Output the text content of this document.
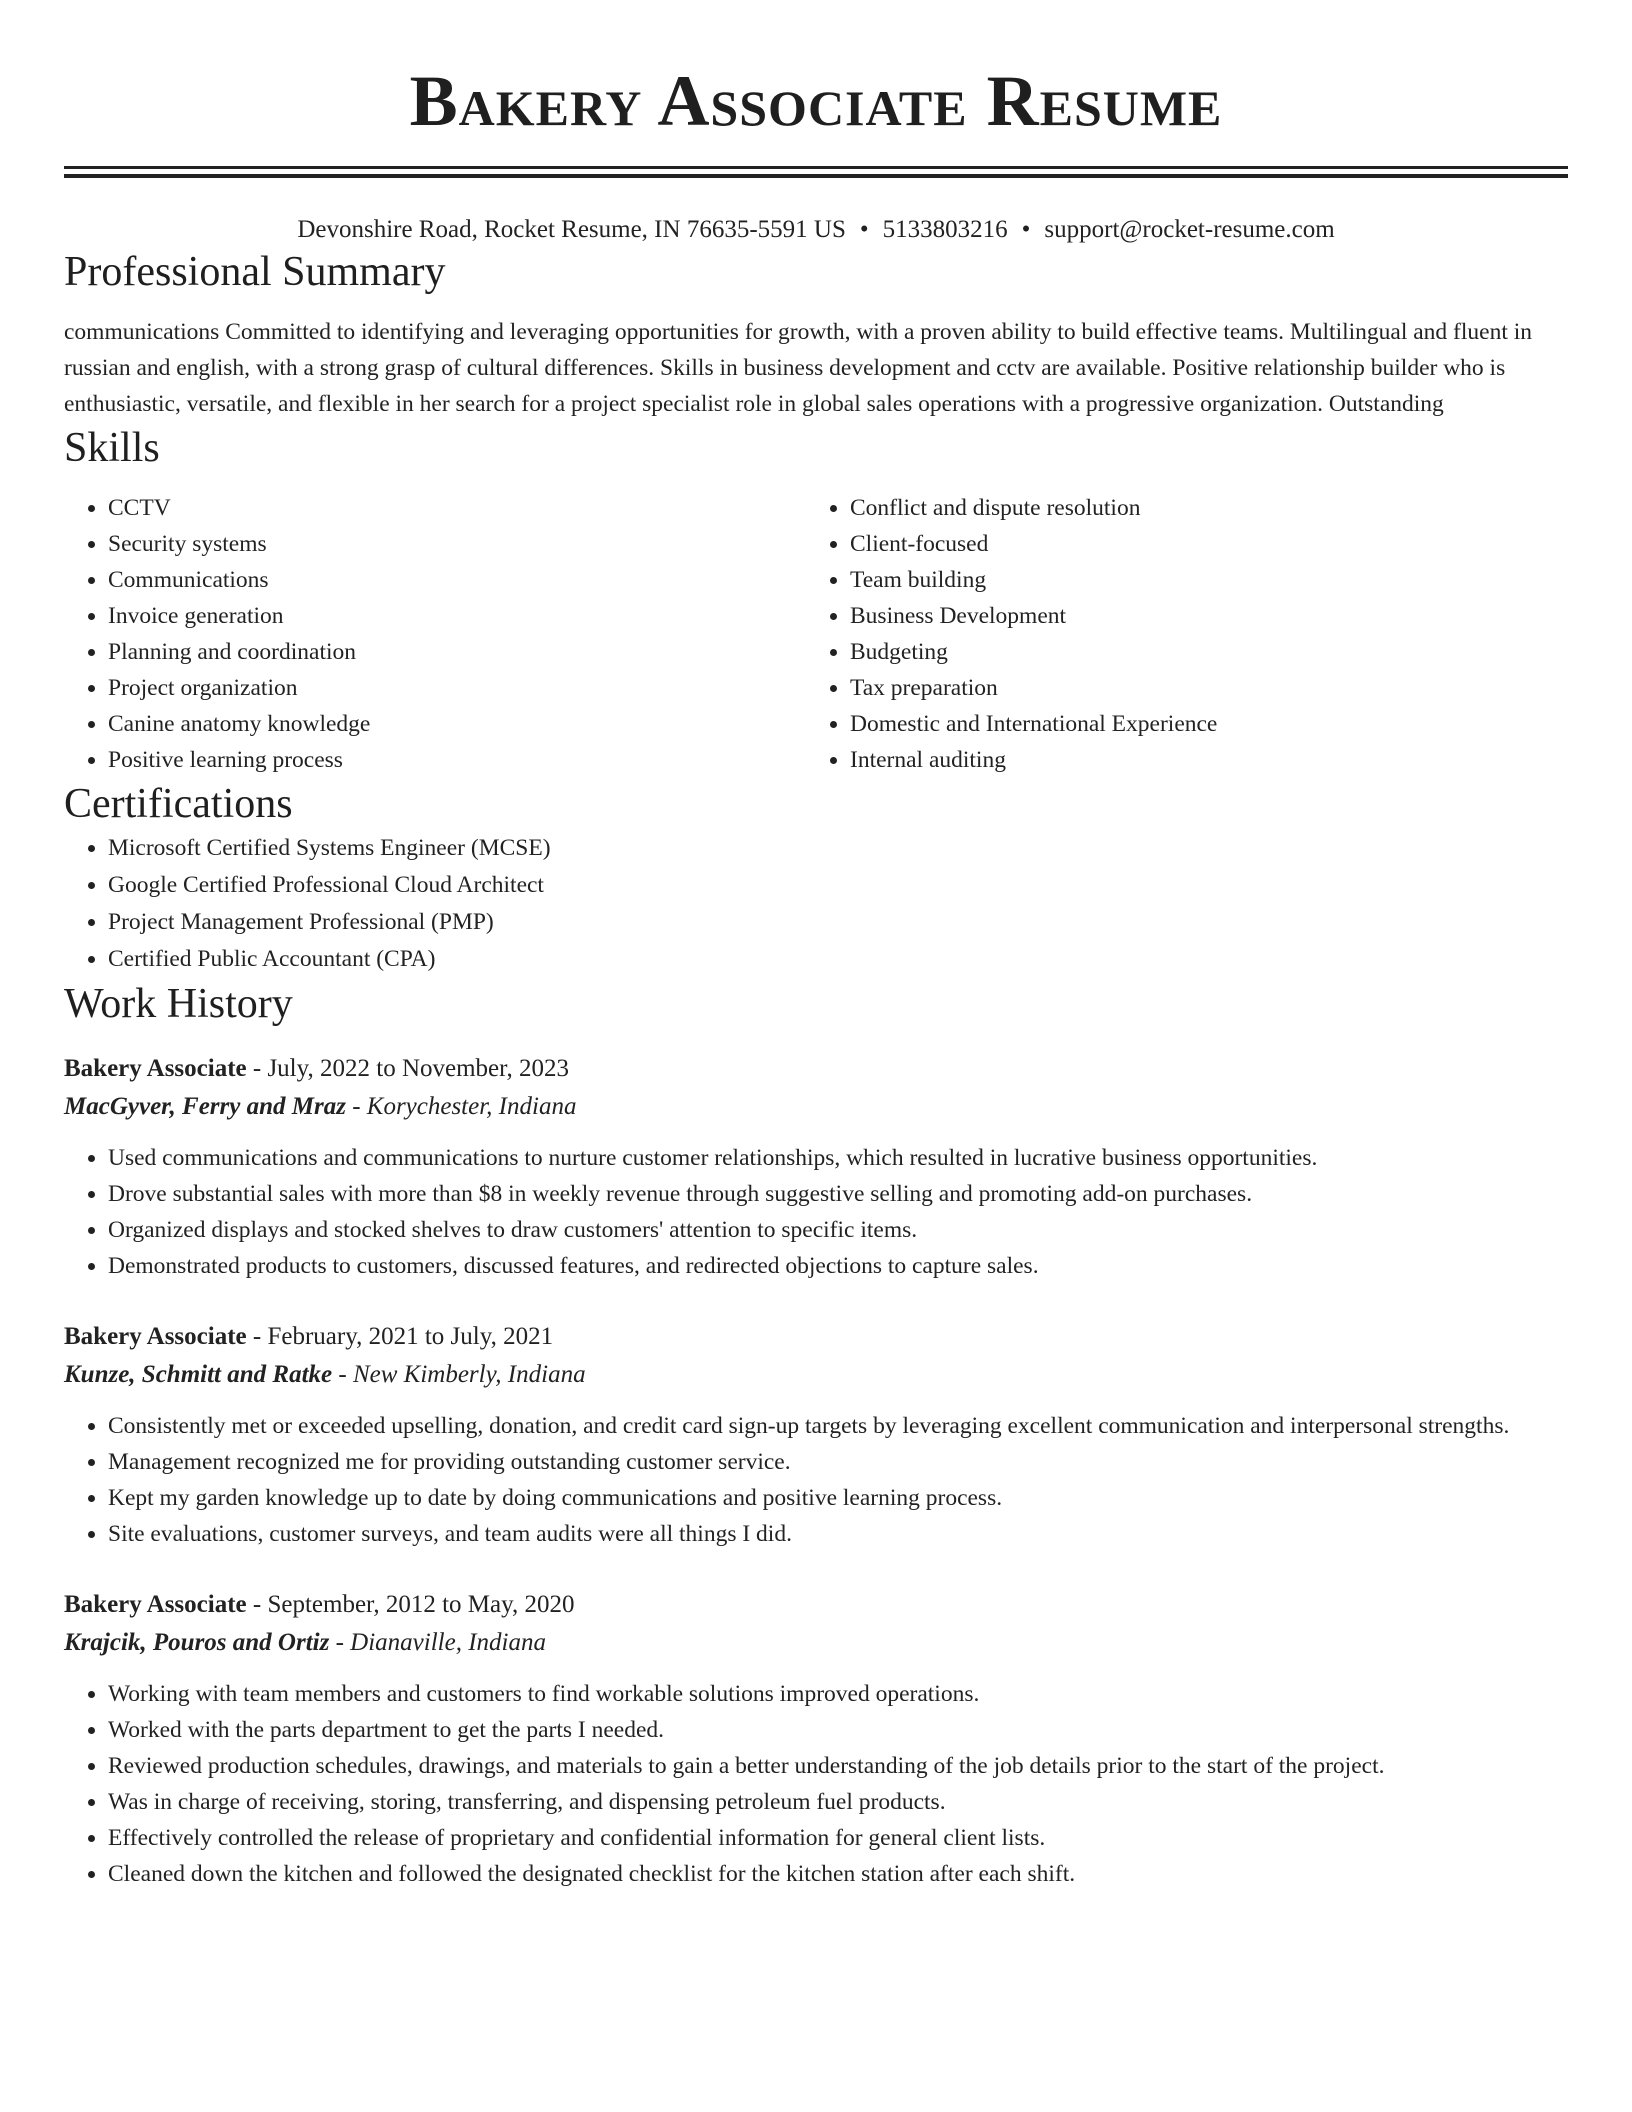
Bakery Associate Resume
Devonshire Road, Rocket Resume, IN 76635-5591 US • 5133803216 • support@rocket-resume.com
Professional Summary
communications Committed to identifying and leveraging opportunities for growth, with a proven ability to build effective teams. Multilingual and fluent in russian and english, with a strong grasp of cultural differences. Skills in business development and cctv are available. Positive relationship builder who is enthusiastic, versatile, and flexible in her search for a project specialist role in global sales operations with a progressive organization. Outstanding
Skills
• CCTV
• Security systems
• Communications
• Invoice generation
• Planning and coordination
• Project organization
• Canine anatomy knowledge
• Positive learning process
• Conflict and dispute resolution
• Client-focused
• Team building
• Business Development
• Budgeting
• Tax preparation
• Domestic and International Experience
• Internal auditing
Certifications
• Microsoft Certified Systems Engineer (MCSE)
• Google Certified Professional Cloud Architect
• Project Management Professional (PMP)
• Certified Public Accountant (CPA)
Work History
Bakery Associate - July, 2022 to November, 2023
MacGyver, Ferry and Mraz - Korychester, Indiana
• Used communications and communications to nurture customer relationships, which resulted in lucrative business opportunities.
• Drove substantial sales with more than $8 in weekly revenue through suggestive selling and promoting add-on purchases.
• Organized displays and stocked shelves to draw customers' attention to specific items.
• Demonstrated products to customers, discussed features, and redirected objections to capture sales.
Bakery Associate - February, 2021 to July, 2021
Kunze, Schmitt and Ratke - New Kimberly, Indiana
• Consistently met or exceeded upselling, donation, and credit card sign-up targets by leveraging excellent communication and interpersonal strengths.
• Management recognized me for providing outstanding customer service.
• Kept my garden knowledge up to date by doing communications and positive learning process.
• Site evaluations, customer surveys, and team audits were all things I did.
Bakery Associate - September, 2012 to May, 2020
Krajcik, Pouros and Ortiz - Dianaville, Indiana
• Working with team members and customers to find workable solutions improved operations.
• Worked with the parts department to get the parts I needed.
• Reviewed production schedules, drawings, and materials to gain a better understanding of the job details prior to the start of the project.
• Was in charge of receiving, storing, transferring, and dispensing petroleum fuel products.
• Effectively controlled the release of proprietary and confidential information for general client lists.
• Cleaned down the kitchen and followed the designated checklist for the kitchen station after each shift.
